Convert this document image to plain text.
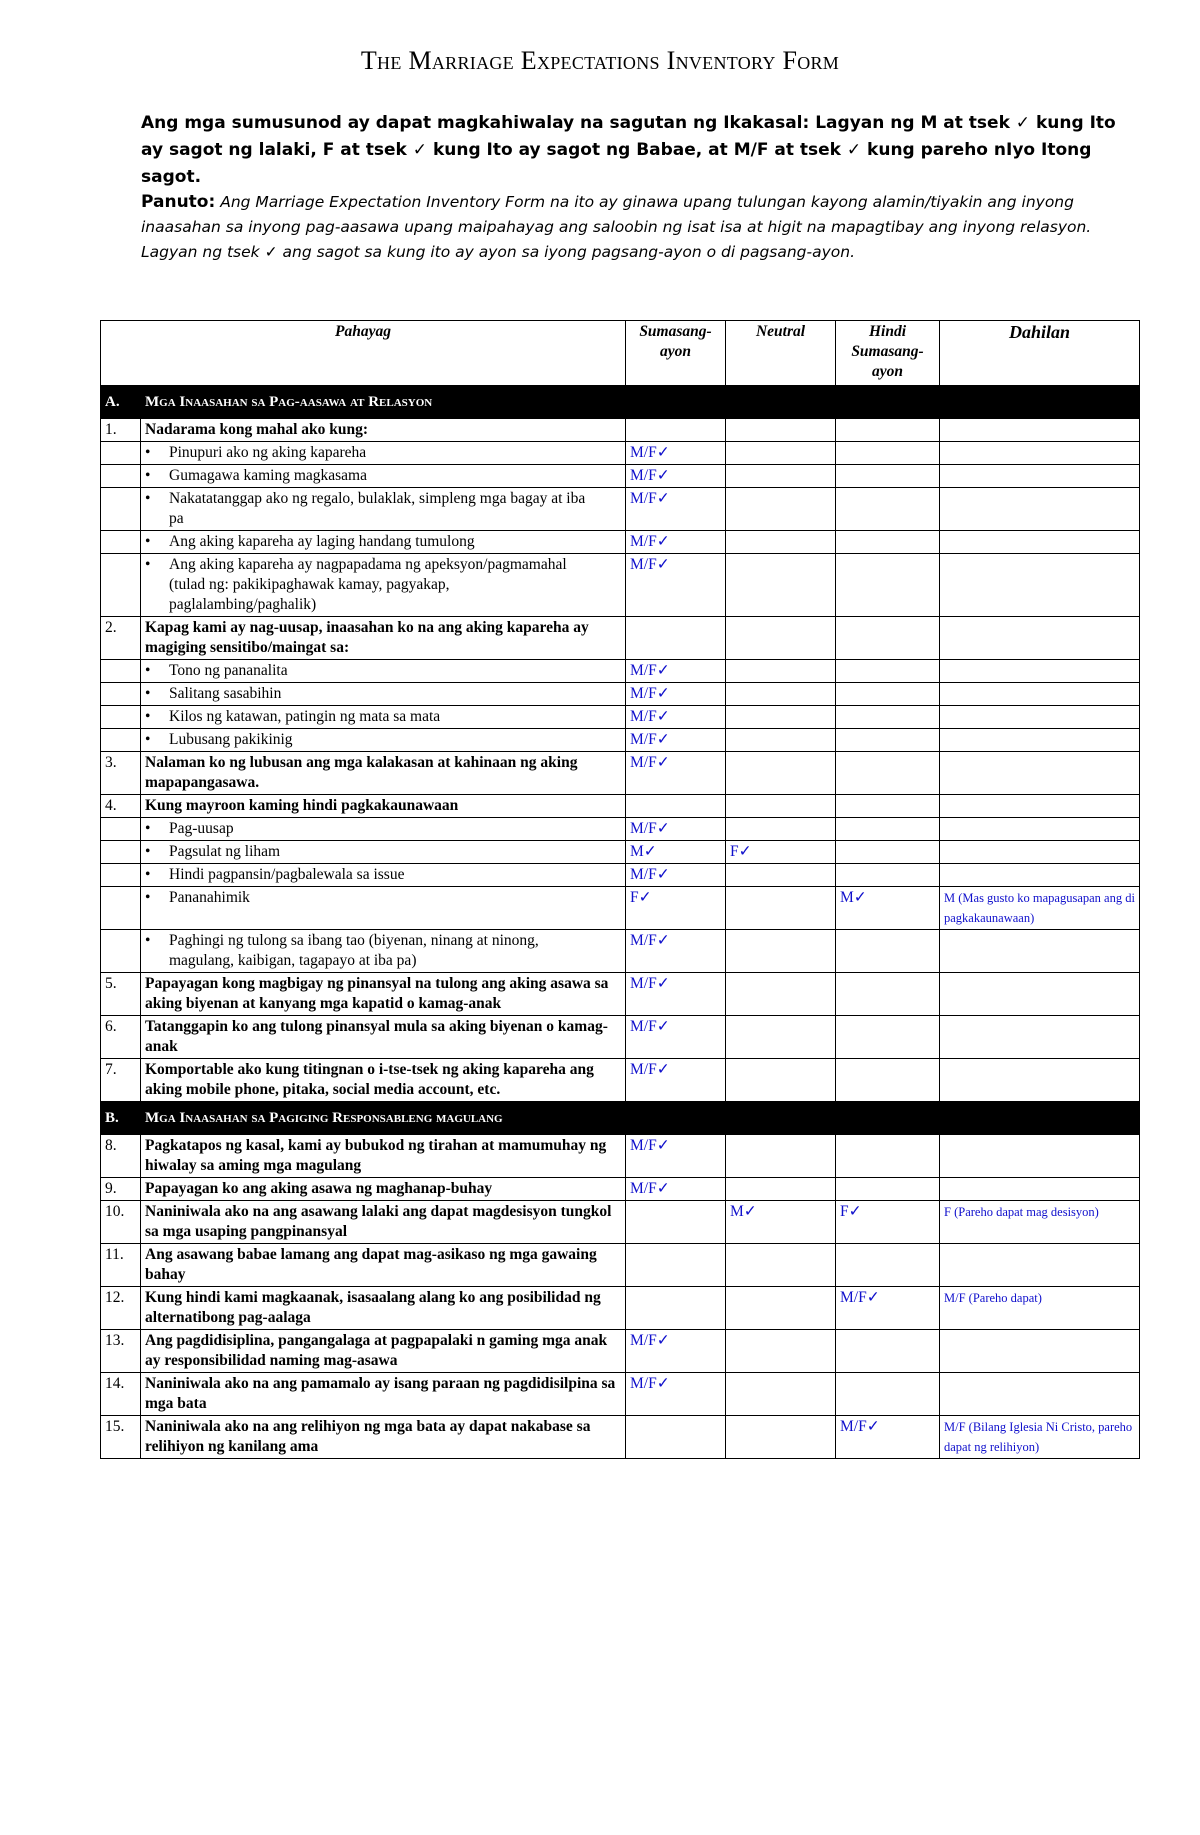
The Marriage Expectations Inventory Form
Ang mga sumusunod ay dapat magkahiwalay na sagutan ng Ikakasal: Lagyan ng M at tsek ✓ kung Ito ay sagot ng lalaki, F at tsek ✓ kung Ito ay sagot ng Babae, at M/F at tsek ✓ kung pareho nIyo Itong sagot.
Panuto: Ang Marriage Expectation Inventory Form na ito ay ginawa upang tulungan kayong alamin/tiyakin ang inyong inaasahan sa inyong pag-aasawa upang maipahayag ang saloobin ng isat isa at higit na mapagtibay ang inyong relasyon. Lagyan ng tsek ✓ ang sagot sa kung ito ay ayon sa iyong pagsang-ayon o di pagsang-ayon.
Pahayag		Sumasang-ayon	Neutral	Hindi Sumasang-ayon	Dahilan
A.	Mga Inaasahan sa Pag-aasawa at Relasyon				
1.	Nadarama kong mahal ako kung:				
	• Pinupuri ako ng aking kapareha	M/F✓			
	• Gumagawa kaming magkasama	M/F✓			
	• Nakatatanggap ako ng regalo, bulaklak, simpleng mga bagay at iba pa	M/F✓			
	• Ang aking kapareha ay laging handang tumulong	M/F✓			
	• Ang aking kapareha ay nagpapadama ng apeksyon/pagmamahal (tulad ng: pakikipaghawak kamay, pagyakap, paglalambing/paghalik)	M/F✓			
2.	Kapag kami ay nag-uusap, inaasahan ko na ang aking kapareha ay magiging sensitibo/maingat sa:				
	• Tono ng pananalita	M/F✓			
	• Salitang sasabihin	M/F✓			
	• Kilos ng katawan, patingin ng mata sa mata	M/F✓			
	• Lubusang pakikinig	M/F✓			
3.	Nalaman ko ng lubusan ang mga kalakasan at kahinaan ng aking mapapangasawa.	M/F✓			
4.	Kung mayroon kaming hindi pagkakaunawaan				
	• Pag-uusap	M/F✓			
	• Pagsulat ng liham	M✓	F✓		
	• Hindi pagpansin/pagbalewala sa issue	M/F✓			
	• Pananahimik	F✓		M✓	M (Mas gusto ko mapagusapan ang di pagkakaunawaan)
	• Paghingi ng tulong sa ibang tao (biyenan, ninang at ninong, magulang, kaibigan, tagapayo at iba pa)	M/F✓			
5.	Papayagan kong magbigay ng pinansyal na tulong ang aking asawa sa aking biyenan at kanyang mga kapatid o kamag-anak	M/F✓			
6.	Tatanggapin ko ang tulong pinansyal mula sa aking biyenan o kamag-anak	M/F✓			
7.	Komportable ako kung titingnan o i-tse-tsek ng aking kapareha ang aking mobile phone, pitaka, social media account, etc.	M/F✓			
B.	Mga Inaasahan sa Pagiging Responsableng magulang				
8.	Pagkatapos ng kasal, kami ay bubukod ng tirahan at mamumuhay ng hiwalay sa aming mga magulang	M/F✓			
9.	Papayagan ko ang aking asawa ng maghanap-buhay	M/F✓			
10.	Naniniwala ako na ang asawang lalaki ang dapat magdesisyon tungkol sa mga usaping pangpinansyal		M✓	F✓	F (Pareho dapat mag desisyon)
11.	Ang asawang babae lamang ang dapat mag-asikaso ng mga gawaing bahay				
12.	Kung hindi kami magkaanak, isasaalang alang ko ang posibilidad ng alternatibong pag-aalaga			M/F✓	M/F (Pareho dapat)
13.	Ang pagdidisiplina, pangangalaga at pagpapalaki n gaming mga anak ay responsibilidad naming mag-asawa	M/F✓			
14.	Naniniwala ako na ang pamamalo ay isang paraan ng pagdidisilpina sa mga bata	M/F✓			
15.	Naniniwala ako na ang relihiyon ng mga bata ay dapat nakabase sa relihiyon ng kanilang ama			M/F✓	M/F (Bilang Iglesia Ni Cristo, pareho dapat ng relihiyon)
